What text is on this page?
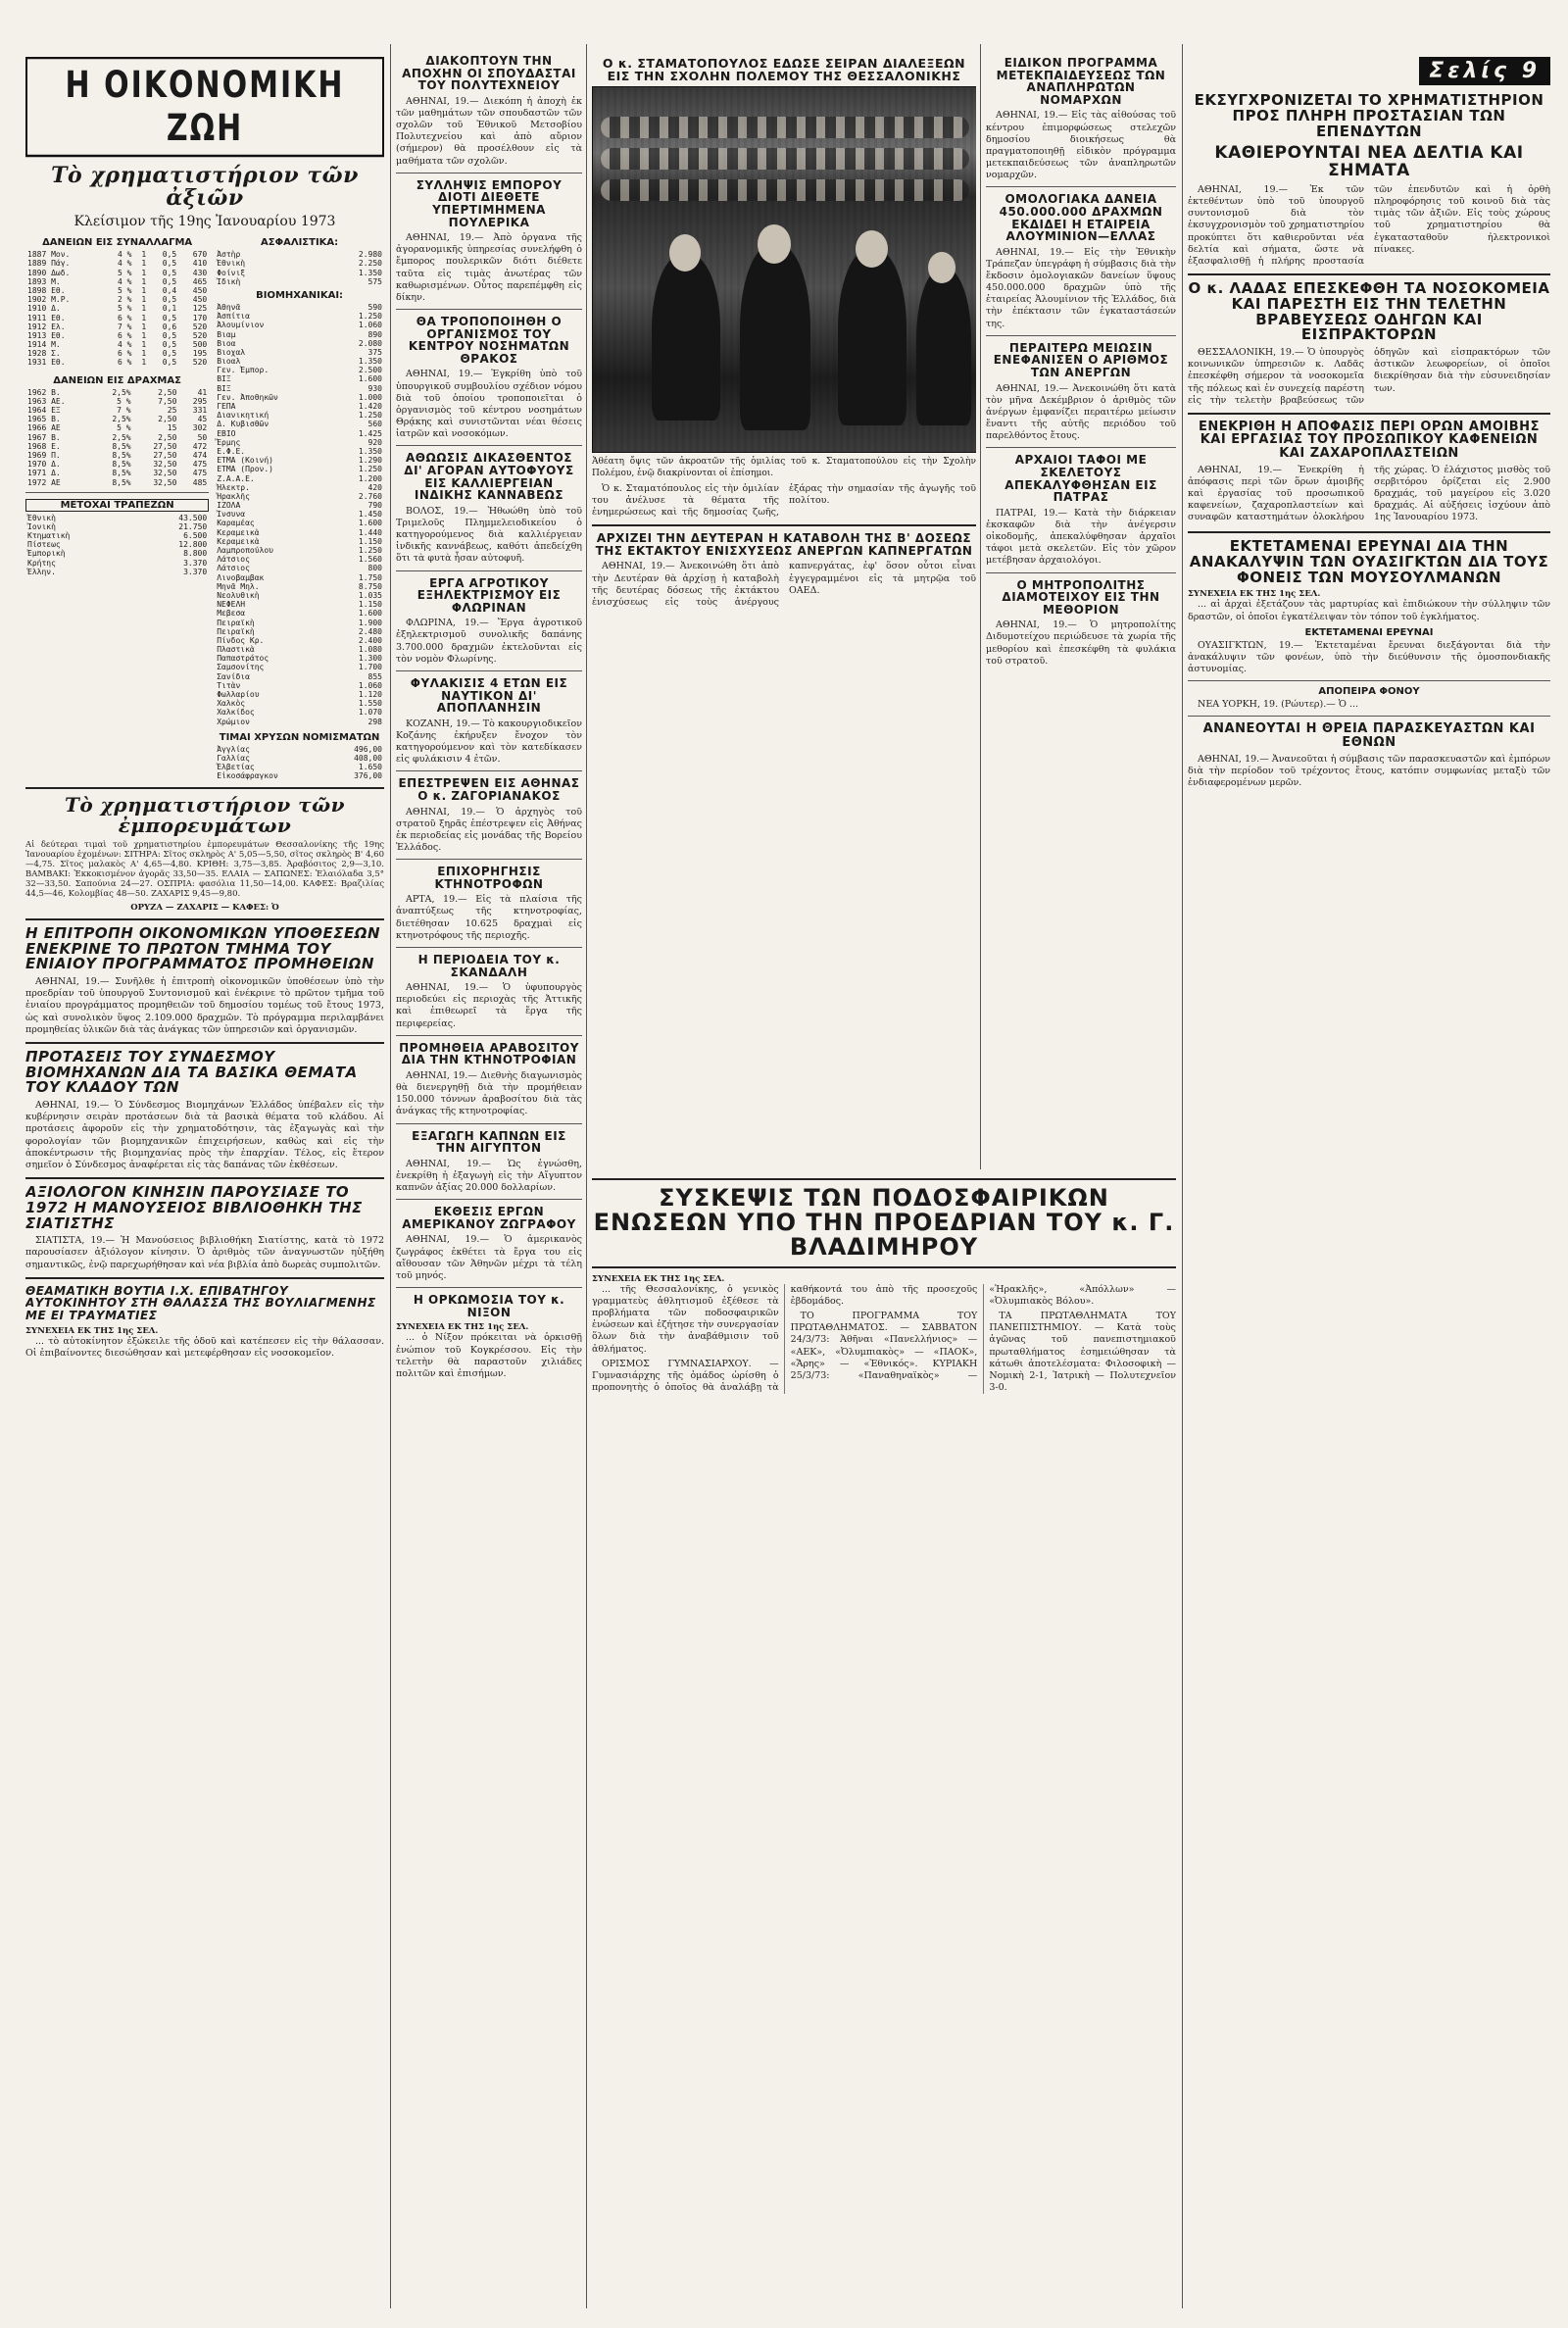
Η ΟΙΚΟΝΟΜΙΚΗ ΖΩΗ
Τὸ χρηματιστήριον τῶν ἀξιῶν
Κλείσιμον τῆς 19ης Ἰανουαρίου 1973
ΔΑΝΕΙΩΝ ΕΙΣ ΣΥΝΑΛΛΑΓΜΑ
1887 Μον.	4 %	1	0,5	670
1889 Πάγ.	4 %	1	0,5	410
1890 Δωδ.	5 %	1	0,5	430
1893 Μ.	4 %	1	0,5	465
1898 Εθ.	5 %	1	0,4	450
1902 Μ.Ρ.	2 %	1	0,5	450
1910 Δ.	5 %	1	0,1	125
1911 Εθ.	6 %	1	0,5	170
1912 Ελ.	7 %	1	0,6	520
1913 Εθ.	6 %	1	0,5	520
1914 Μ.	4 %	1	0,5	500
1928 Σ.	6 %	1	0,5	195
1931 Εθ.	6 %	1	0,5	520
ΔΑΝΕΙΩΝ ΕΙΣ ΔΡΑΧΜΑΣ
1962 Β.	2,5%	2,50	41
1963 ΑΕ.	5 %	7,50	295
1964 ΕΞ	7 %	25	331
1965 Β.	2,5%	2,50	45
1966 ΑΕ	5 %	15	302
1967 Β.	2,5%	2,50	50
1968 Ε.	8,5%	27,50	472
1969 Π.	8,5%	27,50	474
1970 Δ.	8,5%	32,50	475
1971 Δ.	8,5%	32,50	475
1972 ΑΕ	8,5%	32,50	485
ΜΕΤΟΧΑΙ ΤΡΑΠΕΖΩΝ
Ἐθνικὴ	43.500
Ἰονικὴ	21.750
Κτηματικὴ	6.500
Πίστεως	12.800
Ἐμπορικὴ	8.800
Κρήτης	3.370
Ἑλλην.	3.370
ΑΣΦΑΛΙΣΤΙΚΑ:
Ἀστὴρ	2.980
Ἐθνικὴ	2.250
Φοίνιξ	1.350
Ἰδικὴ	575
ΒΙΟΜΗΧΑΝΙΚΑΙ:
Ἀθηνᾶ	590
Ἀσπίτια	1.250
Ἀλουμίνιον	1.060
Βιαμ	890
Βιοα	2.080
Βιοχαλ	375
Βιοαλ	1.350
Γεν. Ἐμπορ.	2.500
ΒΙΞ	1.600
ΒΙΞ	930
Γεν. Ἀποθηκῶν	1.000
ΓΕΠΑ	1.420
Διανικητική	1.250
Δ. Κυβισθῶν	560
ΕΒΙΟ	1.425
Ἔρμης	920
Ε.Φ.Ε.	1.350
ΕΤΜΑ (Κοινή)	1.290
ΕΤΜΑ (Προν.)	1.250
Ζ.Α.Α.Ε.	1.200
Ἠλεκτρ.	420
Ἡρακλῆς	2.760
ΙΖΟΛΑ	790
Ἰνσυνα	1.450
Καραμέας	1.600
Κεραμεικὰ	1.440
Κεραμεικὰ	1.150
Λαμπροπούλου	1.250
Λάτσιος	1.560
Λάτσιος	800
Λινοβαμβακ	1.750
Μηνᾶ Μηλ.	8.750
Νεολυθικὴ	1.035
ΝΕΦΕΛΗ	1.150
Μεβεσα	1.600
Πειραϊκὴ	1.900
Πειραϊκὴ	2.480
Πίνδος Κρ.	2.400
Πλαστικὰ	1.080
Παπαστράτος	1.300
Σαμσονίτης	1.700
Σανίδια	855
Τιτὰν	1.060
Φωλλαρίου	1.120
Χαλκὸς	1.550
Χαλκίδος	1.070
Χρώμιον	298
ΤΙΜΑΙ ΧΡΥΣΩΝ ΝΟΜΙΣΜΑΤΩΝ
Ἀγγλίας	496,00
Γαλλίας	408,00
Ἑλβετίας	1.650
Εἰκοσάφραγκον	376,00
Τὸ χρηματιστήριον τῶν ἐμπορευμάτων
Αἱ δεύτεραι τιμαὶ τοῦ χρηματιστηρίου ἐμπορευμάτων Θεσσαλονίκης τῆς 19ης Ἰανουαρίου ἐχομένων: ΣΙΤΗΡΑ: Σῖτος σκληρὸς Α' 5,05—5,50, σῖτος σκληρὸς Β' 4,60—4,75. Σῖτος μαλακὸς Α' 4,65—4,80. ΚΡΙΘΗ: 3,75—3,85. Ἀραβόσιτος 2,9—3,10. ΒΑΜΒΑΚΙ: Ἐκκοκισμένον ἀγορᾶς 33,50—35. ΕΛΑΙΑ — ΣΑΠΩΝΕΣ: Ἐλαιόλαδα 3,5° 32—33,50. Σαπούνια 24—27. ΟΣΠΡΙΑ: φασόλια 11,50—14,00. ΚΑΦΕΣ: Βραζιλίας 44,5—46, Κολομβίας 48—50. ΖΑΧΑΡΙΣ 9,45—9,80.
ΟΡΥΖΑ — ΖΑΧΑΡΙΣ — ΚΑΦΕΣ: Ὀ
Η ΕΠΙΤΡΟΠΗ ΟΙΚΟΝΟΜΙΚΩΝ ΥΠΟΘΕΣΕΩΝ ΕΝΕΚΡΙΝΕ ΤΟ ΠΡΩΤΟΝ ΤΜΗΜΑ ΤΟΥ ΕΝΙΑΙΟΥ ΠΡΟΓΡΑΜΜΑΤΟΣ ΠΡΟΜΗΘΕΙΩΝ

ΑΘΗΝΑΙ, 19.— Συνῆλθε ἡ ἐπιτροπὴ οἰκονομικῶν ὑποθέσεων ὑπὸ τὴν προεδρίαν τοῦ ὑπουργοῦ Συντονισμοῦ καὶ ἐνέκρινε τὸ πρῶτον τμῆμα τοῦ ἑνιαίου προγράμματος προμηθειῶν τοῦ δημοσίου τομέως τοῦ ἔτους 1973, ὡς καὶ συνολικὸν ὕψος 2.109.000 δραχμῶν. Τὸ πρόγραμμα περιλαμβάνει προμηθείας ὑλικῶν διὰ τὰς ἀνάγκας τῶν ὑπηρεσιῶν καὶ ὀργανισμῶν.

ΠΡΟΤΑΣΕΙΣ ΤΟΥ ΣΥΝΔΕΣΜΟΥ ΒΙΟΜΗΧΑΝΩΝ ΔΙΑ ΤΑ ΒΑΣΙΚΑ ΘΕΜΑΤΑ ΤΟΥ ΚΛΑΔΟΥ ΤΩΝ

ΑΘΗΝΑΙ, 19.— Ὁ Σύνδεσμος Βιομηχάνων Ἑλλάδος ὑπέβαλεν εἰς τὴν κυβέρνησιν σειρὰν προτάσεων διὰ τὰ βασικὰ θέματα τοῦ κλάδου. Αἱ προτάσεις ἀφοροῦν εἰς τὴν χρηματοδότησιν, τὰς ἐξαγωγὰς καὶ τὴν φορολογίαν τῶν βιομηχανικῶν ἐπιχειρήσεων, καθὼς καὶ εἰς τὴν ἀποκέντρωσιν τῆς βιομηχανίας πρὸς τὴν ἐπαρχίαν. Τέλος, εἰς ἕτερον σημεῖον ὁ Σύνδεσμος ἀναφέρεται εἰς τὰς δαπάνας τῶν ἐκθέσεων.

ΑΞΙΟΛΟΓΟΝ ΚΙΝΗΣΙΝ ΠΑΡΟΥΣΙΑΣΕ ΤΟ 1972 Η ΜΑΝΟΥΣΕΙΟΣ ΒΙΒΛΙΟΘΗΚΗ ΤΗΣ ΣΙΑΤΙΣΤΗΣ

ΣΙΑΤΙΣΤΑ, 19.— Ἡ Μανούσειος βιβλιοθήκη Σιατίστης, κατὰ τὸ 1972 παρουσίασεν ἀξιόλογον κίνησιν. Ὁ ἀριθμὸς τῶν ἀναγνωστῶν ηὐξήθη σημαντικῶς, ἐνῷ παρεχωρήθησαν καὶ νέα βιβλία ἀπὸ δωρεὰς συμπολιτῶν.

ΘΕΑΜΑΤΙΚΗ ΒΟΥΤΙΑ Ι.Χ. ΕΠΙΒΑΤΗΓΟΥ ΑΥΤΟΚΙΝΗΤΟΥ ΣΤΗ ΘΑΛΑΣΣΑ ΤΗΣ ΒΟΥΛΙΑΓΜΕΝΗΣ ΜΕ ΕΙ ΤΡΑΥΜΑΤΙΕΣ
ΣΥΝΕΧΕΙΑ ΕΚ ΤΗΣ 1ης ΣΕΛ.

... τὸ αὐτοκίνητον ἐξώκειλε τῆς ὁδοῦ καὶ κατέπεσεν εἰς τὴν θάλασσαν. Οἱ ἐπιβαίνοντες διεσώθησαν καὶ μετεφέρθησαν εἰς νοσοκομεῖον.

ΔΙΑΚΟΠΤΟΥΝ ΤΗΝ ΑΠΟΧΗΝ ΟΙ ΣΠΟΥΔΑΣΤΑΙ ΤΟΥ ΠΟΛΥΤΕΧΝΕΙΟΥ

ΑΘΗΝΑΙ, 19.— Διεκόπη ἡ ἀποχὴ ἐκ τῶν μαθημάτων τῶν σπουδαστῶν τῶν σχολῶν τοῦ Ἐθνικοῦ Μετσοβίου Πολυτεχνείου καὶ ἀπὸ αὔριον (σήμερον) θὰ προσέλθουν εἰς τὰ μαθήματα τῶν σχολῶν.

ΣΥΛΛΗΨΙΣ ΕΜΠΟΡΟΥ ΔΙΟΤΙ ΔΙΕΘΕΤΕ ΥΠΕΡΤΙΜΗΜΕΝΑ ΠΟΥΛΕΡΙΚΑ

ΑΘΗΝΑΙ, 19.— Ἀπὸ ὀργανα τῆς ἀγορανομικῆς ὑπηρεσίας συνελήφθη ὁ ἔμπορος πουλερικῶν διότι διέθετε ταῦτα εἰς τιμὰς ἀνωτέρας τῶν καθωρισμένων. Οὗτος παρεπέμφθη εἰς δίκην.

ΘΑ ΤΡΟΠΟΠΟΙΗΘΗ Ο ΟΡΓΑΝΙΣΜΟΣ ΤΟΥ ΚΕΝΤΡΟΥ ΝΟΣΗΜΑΤΩΝ ΘΡΑΚΟΣ

ΑΘΗΝΑΙ, 19.— Ἐγκρίθη ὑπὸ τοῦ ὑπουργικοῦ συμβουλίου σχέδιον νόμου διὰ τοῦ ὁποίου τροποποιεῖται ὁ ὀργανισμὸς τοῦ κέντρου νοσημάτων Θρᾴκης καὶ συνιστῶνται νέαι θέσεις ἰατρῶν καὶ νοσοκόμων.

ΑΘΩΩΣΙΣ ΔΙΚΑΣΘΕΝΤΟΣ ΔΙ' ΑΓΟΡΑΝ ΑΥΤΟΦΥΟΥΣ ΕΙΣ ΚΑΛΛΙΕΡΓΕΙΑΝ ΙΝΔΙΚΗΣ ΚΑΝΝΑΒΕΩΣ

ΒΟΛΟΣ, 19.— Ἠθωώθη ὑπὸ τοῦ Τριμελοῦς Πλημμελειοδικείου ὁ κατηγορούμενος διὰ καλλιέργειαν ἰνδικῆς καννάβεως, καθότι ἀπεδείχθη ὅτι τὰ φυτὰ ἦσαν αὐτοφυῆ.

ΕΡΓΑ ΑΓΡΟΤΙΚΟΥ ΕΞΗΛΕΚΤΡΙΣΜΟΥ ΕΙΣ ΦΛΩΡΙΝΑΝ

ΦΛΩΡΙΝΑ, 19.— Ἔργα ἀγροτικοῦ ἐξηλεκτρισμοῦ συνολικῆς δαπάνης 3.700.000 δραχμῶν ἐκτελοῦνται εἰς τὸν νομὸν Φλωρίνης.

ΦΥΛΑΚΙΣΙΣ 4 ΕΤΩΝ ΕΙΣ ΝΑΥΤΙΚΟΝ ΔΙ' ΑΠΟΠΛΑΝΗΣΙΝ

ΚΟΖΑΝΗ, 19.— Τὸ κακουργιοδικεῖον Κοζάνης ἐκήρυξεν ἔνοχον τὸν κατηγορούμενον καὶ τὸν κατεδίκασεν εἰς φυλάκισιν 4 ἐτῶν.

ΕΠΕΣΤΡΕΨΕΝ ΕΙΣ ΑΘΗΝΑΣ Ο κ. ΖΑΓΟΡΙΑΝΑΚΟΣ

ΑΘΗΝΑΙ, 19.— Ὁ ἀρχηγὸς τοῦ στρατοῦ ξηρᾶς ἐπέστρεψεν εἰς Ἀθήνας ἐκ περιοδείας εἰς μονάδας τῆς Βορείου Ἑλλάδος.

ΕΠΙΧΟΡΗΓΗΣΙΣ ΚΤΗΝΟΤΡΟΦΩΝ

ΑΡΤΑ, 19.— Εἰς τὰ πλαίσια τῆς ἀναπτύξεως τῆς κτηνοτροφίας, διετέθησαν 10.625 δραχμαὶ εἰς κτηνοτρόφους τῆς περιοχῆς.

Η ΠΕΡΙΟΔΕΙΑ ΤΟΥ κ. ΣΚΑΝΔΑΛΗ

ΑΘΗΝΑΙ, 19.— Ὁ ὑφυπουργὸς περιοδεύει εἰς περιοχὰς τῆς Ἀττικῆς καὶ ἐπιθεωρεῖ τὰ ἔργα τῆς περιφερείας.

ΠΡΟΜΗΘΕΙΑ ΑΡΑΒΟΣΙΤΟΥ ΔΙΑ ΤΗΝ ΚΤΗΝΟΤΡΟΦΙΑΝ

ΑΘΗΝΑΙ, 19.— Διεθνὴς διαγωνισμὸς θὰ διενεργηθῇ διὰ τὴν προμήθειαν 150.000 τόννων ἀραβοσίτου διὰ τὰς ἀνάγκας τῆς κτηνοτροφίας.

ΕΞΑΓΩΓΗ ΚΑΠΝΩΝ ΕΙΣ ΤΗΝ ΑΙΓΥΠΤΟΝ

ΑΘΗΝΑΙ, 19.— Ὡς ἐγνώσθη, ἐνεκρίθη ἡ ἐξαγωγὴ εἰς τὴν Αἴγυπτον καπνῶν ἀξίας 20.000 δολλαρίων.

ΕΚΘΕΣΙΣ ΕΡΓΩΝ ΑΜΕΡΙΚΑΝΟΥ ΖΩΓΡΑΦΟΥ

ΑΘΗΝΑΙ, 19.— Ὁ ἀμερικανὸς ζωγράφος ἐκθέτει τὰ ἔργα του εἰς αἴθουσαν τῶν Ἀθηνῶν μέχρι τὰ τέλη τοῦ μηνός.

Η ΟΡΚΩΜΟΣΙΑ ΤΟΥ κ. ΝΙΞΟΝ
ΣΥΝΕΧΕΙΑ ΕΚ ΤΗΣ 1ης ΣΕΛ.

... ὁ Νίξον πρόκειται νὰ ὁρκισθῇ ἐνώπιον τοῦ Κογκρέσσου. Εἰς τὴν τελετὴν θὰ παραστοῦν χιλιάδες πολιτῶν καὶ ἐπισήμων.

Ο κ. ΣΤΑΜΑΤΟΠΟΥΛΟΣ ΕΔΩΣΕ ΣΕΙΡΑΝ ΔΙΑΛΕΞΕΩΝ ΕΙΣ ΤΗΝ ΣΧΟΛΗΝ ΠΟΛΕΜΟΥ ΤΗΣ ΘΕΣΣΑΛΟΝΙΚΗΣ
Ἀθέατη ὄψις τῶν ἀκροατῶν τῆς ὁμιλίας τοῦ κ. Σταματοπούλου εἰς τὴν Σχολὴν Πολέμου, ἐνῷ διακρίνονται οἱ ἐπίσημοι.

Ὁ κ. Σταματόπουλος εἰς τὴν ὁμιλίαν του ἀνέλυσε τὰ θέματα τῆς ἐνημερώσεως καὶ τῆς δημοσίας ζωῆς, ἐξάρας τὴν σημασίαν τῆς ἀγωγῆς τοῦ πολίτου.

ΑΡΧΙΖΕΙ ΤΗΝ ΔΕΥΤΕΡΑΝ Η ΚΑΤΑΒΟΛΗ ΤΗΣ Β' ΔΟΣΕΩΣ ΤΗΣ ΕΚΤΑΚΤΟΥ ΕΝΙΣΧΥΣΕΩΣ ΑΝΕΡΓΩΝ ΚΑΠΝΕΡΓΑΤΩΝ

ΑΘΗΝΑΙ, 19.— Ἀνεκοινώθη ὅτι ἀπὸ τὴν Δευτέραν θὰ ἀρχίσῃ ἡ καταβολὴ τῆς δευτέρας δόσεως τῆς ἐκτάκτου ἐνισχύσεως εἰς τοὺς ἀνέργους καπνεργάτας, ἐφ' ὅσον οὗτοι εἶναι ἐγγεγραμμένοι εἰς τὰ μητρῷα τοῦ ΟΑΕΔ.

ΕΙΔΙΚΟΝ ΠΡΟΓΡΑΜΜΑ ΜΕΤΕΚΠΑΙΔΕΥΣΕΩΣ ΤΩΝ ΑΝΑΠΛΗΡΩΤΩΝ ΝΟΜΑΡΧΩΝ

ΑΘΗΝΑΙ, 19.— Εἰς τὰς αἰθούσας τοῦ κέντρου ἐπιμορφώσεως στελεχῶν δημοσίου διοικήσεως θὰ πραγματοποιηθῇ εἰδικὸν πρόγραμμα μετεκπαιδεύσεως τῶν ἀναπληρωτῶν νομαρχῶν.

ΟΜΟΛΟΓΙΑΚΑ ΔΑΝΕΙΑ 450.000.000 ΔΡΑΧΜΩΝ ΕΚΔΙΔΕΙ Η ΕΤΑΙΡΕΙΑ ΑΛΟΥΜΙΝΙΟΝ—ΕΛΛΑΣ

ΑΘΗΝΑΙ, 19.— Εἰς τὴν Ἐθνικὴν Τράπεζαν ὑπεγράφη ἡ σύμβασις διὰ τὴν ἔκδοσιν ὁμολογιακῶν δανείων ὕψους 450.000.000 δραχμῶν ὑπὸ τῆς ἑταιρείας Ἀλουμίνιον τῆς Ἑλλάδος, διὰ τὴν ἐπέκτασιν τῶν ἐγκαταστάσεών της.

ΠΕΡΑΙΤΕΡΩ ΜΕΙΩΣΙΝ ΕΝΕΦΑΝΙΣΕΝ Ο ΑΡΙΘΜΟΣ ΤΩΝ ΑΝΕΡΓΩΝ

ΑΘΗΝΑΙ, 19.— Ἀνεκοινώθη ὅτι κατὰ τὸν μῆνα Δεκέμβριον ὁ ἀριθμὸς τῶν ἀνέργων ἐμφανίζει περαιτέρω μείωσιν ἔναντι τῆς αὐτῆς περιόδου τοῦ παρελθόντος ἔτους.

ΑΡΧΑΙΟΙ ΤΑΦΟΙ ΜΕ ΣΚΕΛΕΤΟΥΣ ΑΠΕΚΑΛΥΦΘΗΣΑΝ ΕΙΣ ΠΑΤΡΑΣ

ΠΑΤΡΑΙ, 19.— Κατὰ τὴν διάρκειαν ἐκσκαφῶν διὰ τὴν ἀνέγερσιν οἰκοδομῆς, ἀπεκαλύφθησαν ἀρχαῖοι τάφοι μετὰ σκελετῶν. Εἰς τὸν χῶρον μετέβησαν ἀρχαιολόγοι.

Ο ΜΗΤΡΟΠΟΛΙΤΗΣ ΔΙΑΜΟΤΕΙΧΟΥ ΕΙΣ ΤΗΝ ΜΕΘΟΡΙΟΝ

ΑΘΗΝΑΙ, 19.— Ὁ μητροπολίτης Διδυμοτείχου περιώδευσε τὰ χωρία τῆς μεθορίου καὶ ἐπεσκέφθη τὰ φυλάκια τοῦ στρατοῦ.

ΣΥΣΚΕΨΙΣ ΤΩΝ ΠΟΔΟΣΦΑΙΡΙΚΩΝ ΕΝΩΣΕΩΝ ΥΠΟ ΤΗΝ ΠΡΟΕΔΡΙΑΝ ΤΟΥ κ. Γ. ΒΛΑΔΙΜΗΡΟΥ
ΣΥΝΕΧΕΙΑ ΕΚ ΤΗΣ 1ης ΣΕΛ.

... τῆς Θεσσαλονίκης, ὁ γενικὸς γραμματεὺς ἀθλητισμοῦ ἐξέθεσε τὰ προβλήματα τῶν ποδοσφαιρικῶν ἑνώσεων καὶ ἐζήτησε τὴν συνεργασίαν ὅλων διὰ τὴν ἀναβάθμισιν τοῦ ἀθλήματος.

ΟΡΙΣΜΟΣ ΓΥΜΝΑΣΙΑΡΧΟΥ. — Γυμνασιάρχης τῆς ὁμάδος ὡρίσθη ὁ προπονητὴς ὁ ὁποῖος θὰ ἀναλάβῃ τὰ καθήκοντά του ἀπὸ τῆς προσεχοῦς ἑβδομάδος.

ΤΟ ΠΡΟΓΡΑΜΜΑ ΤΟΥ ΠΡΩΤΑΘΛΗΜΑΤΟΣ. — ΣΑΒΒΑΤΟΝ 24/3/73: Ἀθῆναι «Πανελλήνιος» — «ΑΕΚ», «Ὀλυμπιακὸς» — «ΠΑΟΚ», «Ἄρης» — «Ἐθνικός». ΚΥΡΙΑΚΗ 25/3/73: «Παναθηναϊκὸς» — «Ἡρακλῆς», «Ἀπόλλων» — «Ὀλυμπιακὸς Βόλου».

ΤΑ ΠΡΩΤΑΘΛΗΜΑΤΑ ΤΟΥ ΠΑΝΕΠΙΣΤΗΜΙΟΥ. — Κατὰ τοὺς ἀγῶνας τοῦ πανεπιστημιακοῦ πρωταθλήματος ἐσημειώθησαν τὰ κάτωθι ἀποτελέσματα: Φιλοσοφικὴ — Νομικὴ 2-1, Ἰατρικὴ — Πολυτεχνεῖον 3-0.

Σελίς 9
ΕΚΣΥΓΧΡΟΝΙΖΕΤΑΙ ΤΟ ΧΡΗΜΑΤΙΣΤΗΡΙΟΝ ΠΡΟΣ ΠΛΗΡΗ ΠΡΟΣΤΑΣΙΑΝ ΤΩΝ ΕΠΕΝΔΥΤΩΝ
ΚΑΘΙΕΡΟΥΝΤΑΙ ΝΕΑ ΔΕΛΤΙΑ ΚΑΙ ΣΗΜΑΤΑ

ΑΘΗΝΑΙ, 19.— Ἐκ τῶν ἐκτεθέντων ὑπὸ τοῦ ὑπουργοῦ συντονισμοῦ διὰ τὸν ἐκσυγχρονισμὸν τοῦ χρηματιστηρίου προκύπτει ὅτι καθιεροῦνται νέα δελτία καὶ σήματα, ὥστε νὰ ἐξασφαλισθῇ ἡ πλήρης προστασία τῶν ἐπενδυτῶν καὶ ἡ ὀρθὴ πληροφόρησις τοῦ κοινοῦ διὰ τὰς τιμὰς τῶν ἀξιῶν. Εἰς τοὺς χώρους τοῦ χρηματιστηρίου θὰ ἐγκατασταθοῦν ἠλεκτρονικοὶ πίνακες.

Ο κ. ΛΑΔΑΣ ΕΠΕΣΚΕΦΘΗ ΤΑ ΝΟΣΟΚΟΜΕΙΑ ΚΑΙ ΠΑΡΕΣΤΗ ΕΙΣ ΤΗΝ ΤΕΛΕΤΗΝ ΒΡΑΒΕΥΣΕΩΣ ΟΔΗΓΩΝ ΚΑΙ ΕΙΣΠΡΑΚΤΟΡΩΝ

ΘΕΣΣΑΛΟΝΙΚΗ, 19.— Ὁ ὑπουργὸς κοινωνικῶν ὑπηρεσιῶν κ. Λαδᾶς ἐπεσκέφθη σήμερον τὰ νοσοκομεῖα τῆς πόλεως καὶ ἐν συνεχείᾳ παρέστη εἰς τὴν τελετὴν βραβεύσεως τῶν ὁδηγῶν καὶ εἰσπρακτόρων τῶν ἀστικῶν λεωφορείων, οἱ ὁποῖοι διεκρίθησαν διὰ τὴν εὐσυνειδησίαν των.

ΕΝΕΚΡΙΘΗ Η ΑΠΟΦΑΣΙΣ ΠΕΡΙ ΟΡΩΝ ΑΜΟΙΒΗΣ ΚΑΙ ΕΡΓΑΣΙΑΣ ΤΟΥ ΠΡΟΣΩΠΙΚΟΥ ΚΑΦΕΝΕΙΩΝ ΚΑΙ ΖΑΧΑΡΟΠΛΑΣΤΕΙΩΝ

ΑΘΗΝΑΙ, 19.— Ἐνεκρίθη ἡ ἀπόφασις περὶ τῶν ὅρων ἀμοιβῆς καὶ ἐργασίας τοῦ προσωπικοῦ καφενείων, ζαχαροπλαστείων καὶ συναφῶν καταστημάτων ὁλοκλήρου τῆς χώρας. Ὁ ἐλάχιστος μισθὸς τοῦ σερβιτόρου ὁρίζεται εἰς 2.900 δραχμάς, τοῦ μαγείρου εἰς 3.020 δραχμάς. Αἱ αὐξήσεις ἰσχύουν ἀπὸ 1ης Ἰανουαρίου 1973.

ΕΚΤΕΤΑΜΕΝΑΙ ΕΡΕΥΝΑΙ ΔΙΑ ΤΗΝ ΑΝΑΚΑΛΥΨΙΝ ΤΩΝ ΟΥΑΣΙΓΚΤΩΝ ΔΙΑ ΤΟΥΣ ΦΟΝΕΙΣ ΤΩΝ ΜΟΥΣΟΥΛΜΑΝΩΝ
ΣΥΝΕΧΕΙΑ ΕΚ ΤΗΣ 1ης ΣΕΛ.

... αἱ ἀρχαὶ ἐξετάζουν τὰς μαρτυρίας καὶ ἐπιδιώκουν τὴν σύλληψιν τῶν δραστῶν, οἱ ὁποῖοι ἐγκατέλειψαν τὸν τόπον τοῦ ἐγκλήματος.

ΕΚΤΕΤΑΜΕΝΑΙ ΕΡΕΥΝΑΙ

ΟΥΑΣΙΓΚΤΩΝ, 19.— Ἐκτεταμέναι ἔρευναι διεξάγονται διὰ τὴν ἀνακάλυψιν τῶν φονέων, ὑπὸ τὴν διεύθυνσιν τῆς ὁμοσπονδιακῆς ἀστυνομίας.

ΑΠΟΠΕΙΡΑ ΦΟΝΟΥ

ΝΕΑ ΥΟΡΚΗ, 19. (Ρώυτερ).— Ὁ ...

ΑΝΑΝΕΟΥΤΑΙ Η ΘΡΕΙΑ ΠΑΡΑΣΚΕΥΑΣΤΩΝ ΚΑΙ ΕΘΝΩΝ

ΑΘΗΝΑΙ, 19.— Ἀνανεοῦται ἡ σύμβασις τῶν παρασκευαστῶν καὶ ἐμπόρων διὰ τὴν περίοδον τοῦ τρέχοντος ἔτους, κατόπιν συμφωνίας μεταξὺ τῶν ἐνδιαφερομένων μερῶν.
